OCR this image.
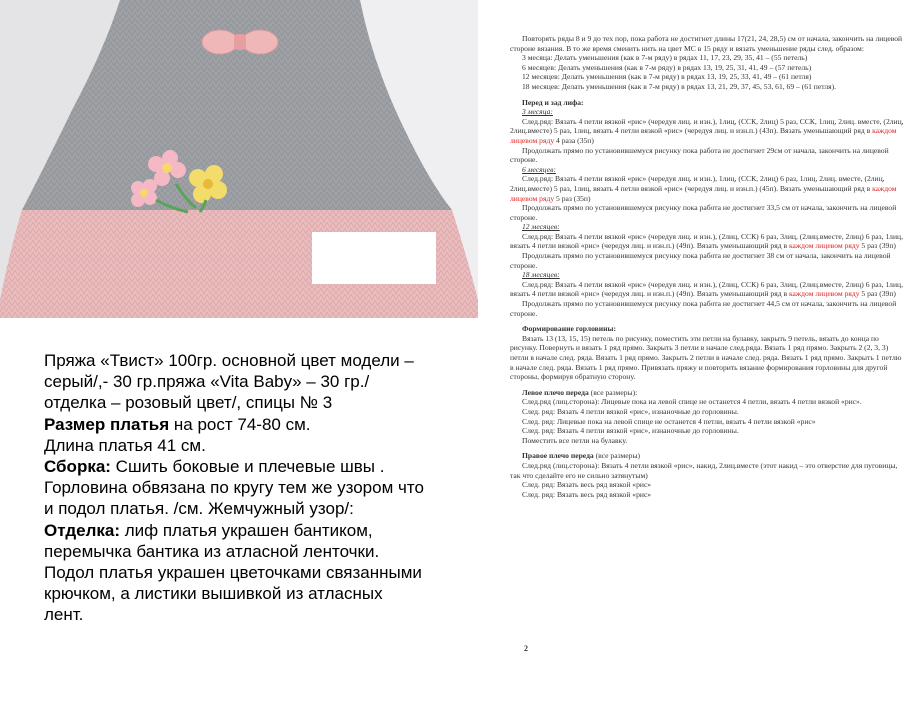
Пряжа «Твист» 100гр. основной цвет модели – серый/,- 30 гр.пряжа «Vita Baby» – 30 гр./отделка – розовый цвет/, спицы № 3

Размер платья на рост 74-80 см.

Длина платья 41 см.

Сборка: Сшить боковые и плечевые швы . Горловина обвязана по кругу тем же узором что и подол платья. /см. Жемчужный узор/: Отделка: лиф платья украшен бантиком, перемычка бантика из атласной ленточки. Подол платья украшен цветочками связанными крючком, а листики вышивкой из атласных лент.

Повторять ряды 8 и 9 до тех пор, пока работа не достигнет длины 17(21, 24, 28,5) см от начала, закончить на лицевой стороне вязания. В то же время сменить нить на цвет МС в 15 ряду и вязать уменьшение ряды след. образом:

3 месяца: Делать уменьшения (как в 7-м ряду) в рядах 11, 17, 23, 29, 35, 41 – (55 петель)

6 месяцев: Делать уменьшения (как в 7-м ряду) в рядах 13, 19, 25, 31, 41, 49 – (57 петель)

12 месяцев: Делать уменьшения (как в 7-м ряду) в рядах 13, 19, 25, 33, 41, 49 – (61 петля)

18 месяцев: Делать уменьшения (как в 7-м ряду) в рядах 13, 21, 29, 37, 45, 53, 61, 69 – (61 петля).

Перед и зад лифа:

3 месяца:

След.ряд: Вязать 4 петли вязкой «рис» (чередуя лиц. и изн.), 1лиц, (ССК, 2лиц) 5 раз, ССК, 1лиц, 2лиц. вместе, (2лиц, 2лиц.вместе) 5 раз, 1лиц, вязать 4 петли вязкой «рис» (чередуя лиц. и изн.п.) (43п). Вязать уменьшающий ряд в каждом лицевом ряду 4 раза (35п)

Продолжать прямо по установившемуся рисунку пока работа не достигнет 29см от начала, закончить на лицевой стороне.

6 месяцев:

След.ряд: Вязать 4 петли вязкой «рис» (чередуя лиц. и изн.), 1лиц, (ССК, 2лиц) 6 раз, 1лиц, 2лиц. вместе, (2лиц, 2лиц.вместе) 5 раз, 1лиц, вязать 4 петли вязкой «рис» (чередуя лиц. и изн.п.) (45п). Вязать уменьшающий ряд в каждом лицевом ряду 5 раз (35п)

Продолжать прямо по установившемуся рисунку пока работа не достигнет 33,5 см от начала, закончить на лицевой стороне.

12 месяцев:

След.ряд: Вязать 4 петли вязкой «рис» (чередуя лиц. и изн.), (2лиц, ССК) 6 раз, 3лиц, (2лиц.вместе, 2лиц) 6 раз, 1лиц, вязать 4 петли вязкой «рис» (чередуя лиц. и изн.п.) (49п). Вязать уменьшающий ряд в каждом лицевом ряду 5 раз (39п)

Продолжать прямо по установившемуся рисунку пока работа не достигнет 38 см от начала, закончить на лицевой стороне.

18 месяцев:

След.ряд: Вязать 4 петли вязкой «рис» (чередуя лиц. и изн.), (2лиц, ССК) 6 раз, 3лиц, (2лиц.вместе, 2лиц) 6 раз, 1лиц, вязать 4 петли вязкой «рис» (чередуя лиц. и изн.п.) (49п). Вязать уменьшающий ряд в каждом лицевом ряду 5 раз (39п)

Продолжать прямо по установившемуся рисунку пока работа не достигнет 44,5 см от начала, закончить на лицевой стороне.

Формирование горловины:

Вязать 13 (13, 15, 15) петель по рисунку, поместить эти петли на булавку, закрыть 9 петель, вязать до конца по рисунку. Повернуть и вязать 1 ряд прямо. Закрыть 3 петли в начале след.ряда. Вязать 1 ряд прямо. Закрыть 2 (2, 3, 3) петли в начале след. ряда. Вязать 1 ряд прямо. Закрыть 2 петли в начале след. ряда. Вязать 1 ряд прямо. Закрыть 1 петлю в начале след. ряда. Вязать 1 ряд прямо. Привязать пряжу и повторить вязание формирования горловины для другой стороны, формируя обратную сторону.

Левое плечо переда (все размеры):

След.ряд (лиц.сторона): Лицевые пока на левой спице не останется 4 петли, вязать 4 петли вязкой «рис».

След. ряд: Вязать 4 петли вязкой «рис», изнаночные до горловины.

След. ряд: Лицевые пока на левой спице не останется 4 петли, вязать 4 петли вязкой «рис»

След. ряд: Вязать 4 петли вязкой «рис», изнаночные до горловины.

Поместить все петли на булавку.

Правое плечо переда (все размеры)

След.ряд (лиц.сторона): Вязать 4 петли вязкой «рис», накид, 2лиц.вместе (этот накид – это отверстие для пуговицы, так что сделайте его не сильно затянутым)

След. ряд: Вязать весь ряд вязкой «рис»

След. ряд: Вязать весь ряд вязкой «рис»

2
